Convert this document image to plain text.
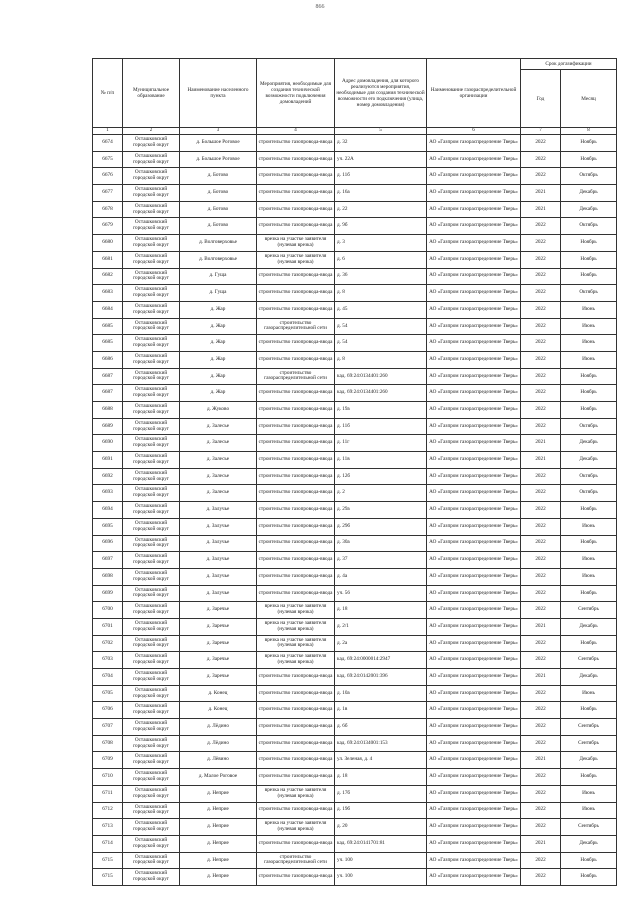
866
№ п/п	Муниципальное образование	Наименование населенного пункта	Мероприятия, необходимые для создания технической возможности подключения домовладений	Адрес домовладения, для которого реализуются мероприятия, необходимые для создания технической возможности его подключения (улица, номер домовладения)	Наименование газораспределительной организации	Срок догазификации	
						Год	Месяц
1	2	3	4	5	6	7	8
6674	Осташковский городской округ	д. Большое Роговое	строительство газопровода-ввода	д. 32	АО «Газпром газораспределение Тверь»	2022	Ноябрь
6675	Осташковский городской округ	д. Большое Роговое	строительство газопровода-ввода	уч. 22А	АО «Газпром газораспределение Тверь»	2022	Ноябрь
6676	Осташковский городской округ	д. Ботово	строительство газопровода-ввода	д. 11б	АО «Газпром газораспределение Тверь»	2022	Октябрь
6677	Осташковский городской округ	д. Ботово	строительство газопровода-ввода	д. 16а	АО «Газпром газораспределение Тверь»	2021	Декабрь
6678	Осташковский городской округ	д. Ботово	строительство газопровода-ввода	д. 22	АО «Газпром газораспределение Тверь»	2021	Декабрь
6679	Осташковский городской округ	д. Ботово	строительство газопровода-ввода	д. 9б	АО «Газпром газораспределение Тверь»	2022	Октябрь
6680	Осташковский городской округ	д. Волговерховье	врезка на участке заявителя (нулевая врезка)	д. 3	АО «Газпром газораспределение Тверь»	2022	Ноябрь
6681	Осташковский городской округ	д. Волговерховье	врезка на участке заявителя (нулевая врезка)	д. 6	АО «Газпром газораспределение Тверь»	2022	Ноябрь
6682	Осташковский городской округ	д. Гуща	строительство газопровода-ввода	д. 36	АО «Газпром газораспределение Тверь»	2022	Ноябрь
6683	Осташковский городской округ	д. Гуща	строительство газопровода-ввода	д. 8	АО «Газпром газораспределение Тверь»	2022	Октябрь
6684	Осташковский городской округ	д. Жар	строительство газопровода-ввода	д. 45	АО «Газпром газораспределение Тверь»	2022	Июнь
6685	Осташковский городской округ	д. Жар	строительство газораспределительной сети	д. 54	АО «Газпром газораспределение Тверь»	2022	Июнь
6685	Осташковский городской округ	д. Жар	строительство газопровода-ввода	д. 54	АО «Газпром газораспределение Тверь»	2022	Июнь
6686	Осташковский городской округ	д. Жар	строительство газопровода-ввода	д. 8	АО «Газпром газораспределение Тверь»	2022	Июнь
6687	Осташковский городской округ	д. Жар	строительство газораспределительной сети	кад. 69:24:0134401:260	АО «Газпром газораспределение Тверь»	2022	Ноябрь
6687	Осташковский городской округ	д. Жар	строительство газопровода-ввода	кад. 69:24:0134401:260	АО «Газпром газораспределение Тверь»	2022	Ноябрь
6688	Осташковский городской округ	д. Жуково	строительство газопровода-ввода	д. 19а	АО «Газпром газораспределение Тверь»	2022	Ноябрь
6689	Осташковский городской округ	д. Залесье	строительство газопровода-ввода	д. 11б	АО «Газпром газораспределение Тверь»	2022	Октябрь
6690	Осташковский городской округ	д. Залесье	строительство газопровода-ввода	д. 11г	АО «Газпром газораспределение Тверь»	2021	Декабрь
6691	Осташковский городской округ	д. Залесье	строительство газопровода-ввода	д. 11в	АО «Газпром газораспределение Тверь»	2021	Декабрь
6692	Осташковский городской округ	д. Залесье	строительство газопровода-ввода	д. 12б	АО «Газпром газораспределение Тверь»	2022	Октябрь
6693	Осташковский городской округ	д. Залесье	строительство газопровода-ввода	д. 2	АО «Газпром газораспределение Тверь»	2022	Октябрь
6694	Осташковский городской округ	д. Залучье	строительство газопровода-ввода	д. 29а	АО «Газпром газораспределение Тверь»	2022	Ноябрь
6695	Осташковский городской округ	д. Залучье	строительство газопровода-ввода	д. 29б	АО «Газпром газораспределение Тверь»	2022	Июнь
6696	Осташковский городской округ	д. Залучье	строительство газопровода-ввода	д. 30а	АО «Газпром газораспределение Тверь»	2022	Ноябрь
6697	Осташковский городской округ	д. Залучье	строительство газопровода-ввода	д. 37	АО «Газпром газораспределение Тверь»	2022	Июнь
6698	Осташковский городской округ	д. Залучье	строительство газопровода-ввода	д. 4а	АО «Газпром газораспределение Тверь»	2022	Июнь
6699	Осташковский городской округ	д. Залучье	строительство газопровода-ввода	уч. 56	АО «Газпром газораспределение Тверь»	2022	Ноябрь
6700	Осташковский городской округ	д. Заречье	врезка на участке заявителя (нулевая врезка)	д. 18	АО «Газпром газораспределение Тверь»	2022	Сентябрь
6701	Осташковский городской округ	д. Заречье	врезка на участке заявителя (нулевая врезка)	д. 2/1	АО «Газпром газораспределение Тверь»	2021	Декабрь
6702	Осташковский городской округ	д. Заречье	врезка на участке заявителя (нулевая врезка)	д. 2а	АО «Газпром газораспределение Тверь»	2022	Ноябрь
6703	Осташковский городской округ	д. Заречье	врезка на участке заявителя (нулевая врезка)	кад. 69:24:0000014:2947	АО «Газпром газораспределение Тверь»	2022	Сентябрь
6704	Осташковский городской округ	д. Заречье	строительство газопровода-ввода	кад. 69:24:0142001:396	АО «Газпром газораспределение Тверь»	2021	Декабрь
6705	Осташковский городской округ	д. Конец	строительство газопровода-ввода	д. 10а	АО «Газпром газораспределение Тверь»	2022	Июнь
6706	Осташковский городской округ	д. Конец	строительство газопровода-ввода	д. 1в	АО «Газпром газораспределение Тверь»	2022	Ноябрь
6707	Осташковский городской округ	д. Лёдино	строительство газопровода-ввода	д. 6б	АО «Газпром газораспределение Тверь»	2022	Сентябрь
6708	Осташковский городской округ	д. Лёдино	строительство газопровода-ввода	кад. 69:24:0134001:153	АО «Газпром газораспределение Тверь»	2022	Сентябрь
6709	Осташковский городской округ	д. Лёвино	строительство газопровода-ввода	ул. Зеленая, д. 4	АО «Газпром газораспределение Тверь»	2021	Декабрь
6710	Осташковский городской округ	д. Малое Роговое	строительство газопровода-ввода	д. 18	АО «Газпром газораспределение Тверь»	2022	Ноябрь
6711	Осташковский городской округ	д. Неприе	врезка на участке заявителя (нулевая врезка)	д. 17б	АО «Газпром газораспределение Тверь»	2022	Июнь
6712	Осташковский городской округ	д. Неприе	строительство газопровода-ввода	д. 19б	АО «Газпром газораспределение Тверь»	2022	Июнь
6713	Осташковский городской округ	д. Неприе	врезка на участке заявителя (нулевая врезка)	д. 20	АО «Газпром газораспределение Тверь»	2022	Сентябрь
6714	Осташковский городской округ	д. Неприе	строительство газопровода-ввода	кад. 69:24:0141701:81	АО «Газпром газораспределение Тверь»	2021	Декабрь
6715	Осташковский городской округ	д. Неприе	строительство газораспределительной сети	уч. 100	АО «Газпром газораспределение Тверь»	2022	Ноябрь
6715	Осташковский городской округ	д. Неприе	строительство газопровода-ввода	уч. 100	АО «Газпром газораспределение Тверь»	2022	Ноябрь
